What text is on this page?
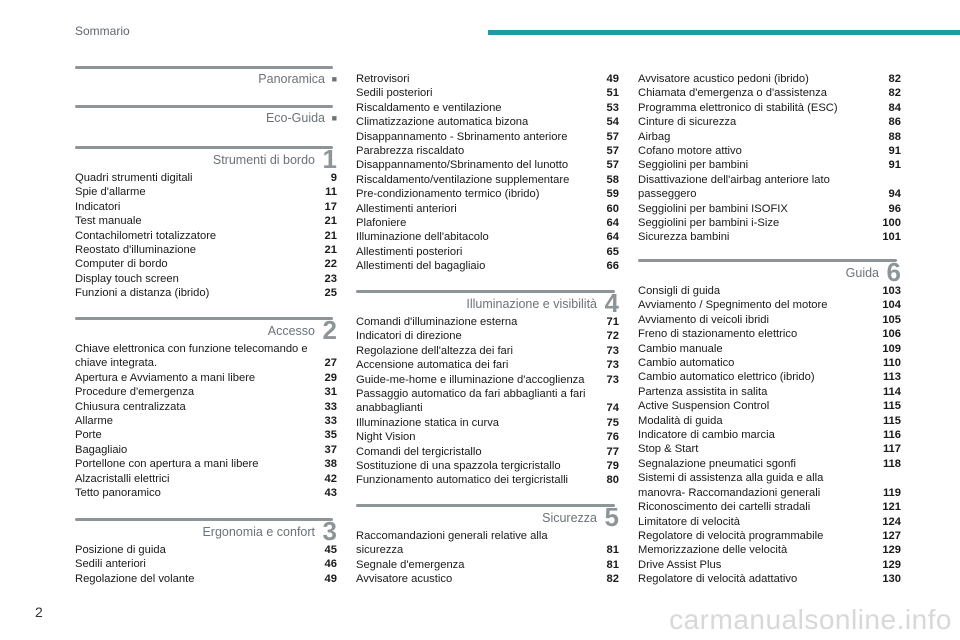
Sommario
Panoramica ■
Eco-Guida ■
Strumenti di bordo 1
Quadri strumenti digitali	9
Spie d'allarme	11
Indicatori	17
Test manuale	21
Contachilometri totalizzatore	21
Reostato d'illuminazione	21
Computer di bordo	22
Display touch screen	23
Funzioni a distanza (ibrido)	25
Accesso 2
Chiave elettronica con funzione telecomando e chiave integrata.	27
Apertura e Avviamento a mani libere	29
Procedure d'emergenza	31
Chiusura centralizzata	33
Allarme	33
Porte	35
Bagagliaio	37
Portellone con apertura a mani libere	38
Alzacristalli elettrici	42
Tetto panoramico	43
Ergonomia e confort 3
Posizione di guida	45
Sedili anteriori	46
Regolazione del volante	49
Retrovisori	49
Sedili posteriori	51
Riscaldamento e ventilazione	53
Climatizzazione automatica bizona	54
Disappannamento - Sbrinamento anteriore	57
Parabrezza riscaldato	57
Disappannamento/Sbrinamento del lunotto	57
Riscaldamento/ventilazione supplementare	58
Pre-condizionamento termico (ibrido)	59
Allestimenti anteriori	60
Plafoniere	64
Illuminazione dell'abitacolo	64
Allestimenti posteriori	65
Allestimenti del bagagliaio	66
Illuminazione e visibilità 4
Comandi d'illuminazione esterna	71
Indicatori di direzione	72
Regolazione dell'altezza dei fari	73
Accensione automatica dei fari	73
Guide-me-home e illuminazione d'accoglienza	73
Passaggio automatico da fari abbaglianti a fari anabbaglianti	74
Illuminazione statica in curva	75
Night Vision	76
Comandi del tergicristallo	77
Sostituzione di una spazzola tergicristallo	79
Funzionamento automatico dei tergicristalli	80
Sicurezza 5
Raccomandazioni generali relative alla sicurezza	81
Segnale d'emergenza	81
Avvisatore acustico	82
Avvisatore acustico pedoni (ibrido)	82
Chiamata d'emergenza o d'assistenza	82
Programma elettronico di stabilità (ESC)	84
Cinture di sicurezza	86
Airbag	88
Cofano motore attivo	91
Seggiolini per bambini	91
Disattivazione dell'airbag anteriore lato passeggero	94
Seggiolini per bambini ISOFIX	96
Seggiolini per bambini i-Size	100
Sicurezza bambini	101
Guida 6
Consigli di guida	103
Avviamento / Spegnimento del motore	104
Avviamento di veicoli ibridi	105
Freno di stazionamento elettrico	106
Cambio manuale	109
Cambio automatico	110
Cambio automatico elettrico (ibrido)	113
Partenza assistita in salita	114
Active Suspension Control	115
Modalità di guida	115
Indicatore di cambio marcia	116
Stop & Start	117
Segnalazione pneumatici sgonfi	118
Sistemi di assistenza alla guida e alla manovra- Raccomandazioni generali	119
Riconoscimento dei cartelli stradali	121
Limitatore di velocità	124
Regolatore di velocità programmabile	127
Memorizzazione delle velocità	129
Drive Assist Plus	129
Regolatore di velocità adattativo	130
2	carmanualsonline.info
